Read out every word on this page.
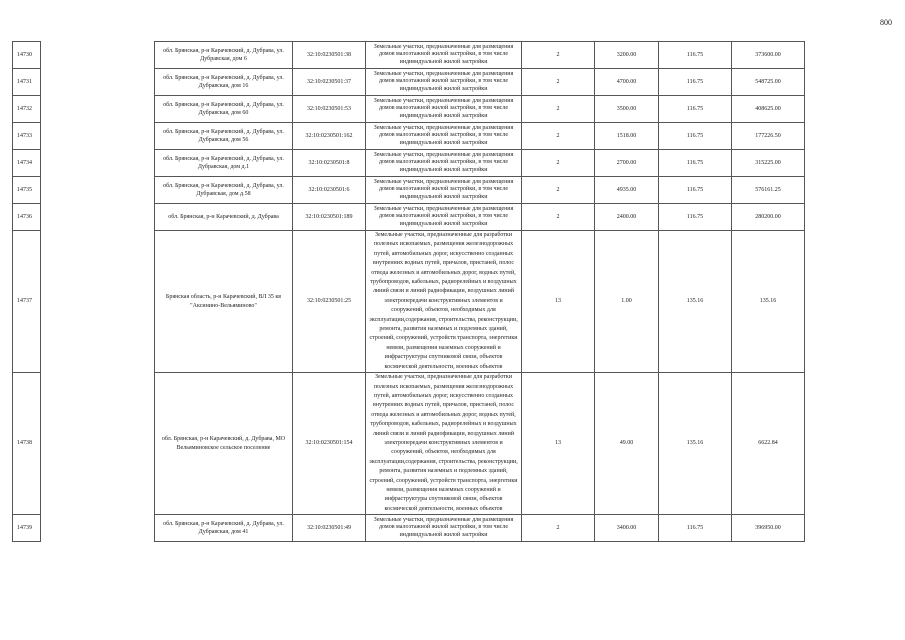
800
14730		обл. Брянская, р-н Карачевский, д. Дубрава, ул. Дубравская, дом 6	32:10:0230501:38	Земельные участки, предназначенные для размещения домов малоэтажной жилой застройки, в том числе индивидуальной жилой застройки	2	3200.00	116.75	373600.00
14731		обл. Брянская, р-н Карачевский, д. Дубрава, ул. Дубравская, дом 16	32:10:0230501:37	Земельные участки, предназначенные для размещения домов малоэтажной жилой застройки, в том числе индивидуальной жилой застройки	2	4700.00	116.75	548725.00
14732		обл. Брянская, р-н Карачевский, д. Дубрава, ул. Дубравская, дом 60	32:10:0230501:53	Земельные участки, предназначенные для размещения домов малоэтажной жилой застройки, в том числе индивидуальной жилой застройки	2	3500.00	116.75	408625.00
14733		обл. Брянская, р-н Карачевский, д. Дубрава, ул. Дубравская, дом 56	32:10:0230501:162	Земельные участки, предназначенные для размещения домов малоэтажной жилой застройки, в том числе индивидуальной жилой застройки	2	1518.00	116.75	177226.50
14734		обл. Брянская, р-н Карачевский, д. Дубрава, ул. Дубравская, дом д.1	32:10:0230501:8	Земельные участки, предназначенные для размещения домов малоэтажной жилой застройки, в том числе индивидуальной жилой застройки	2	2700.00	116.75	315225.00
14735		обл. Брянская, р-н Карачевский, д. Дубрава, ул. Дубравская, дом д.58	32:10:0230501:6	Земельные участки, предназначенные для размещения домов малоэтажной жилой застройки, в том числе индивидуальной жилой застройки	2	4935.00	116.75	576161.25
14736		обл. Брянская, р-н Карачевский, д. Дубрава	32:10:0230501:189	Земельные участки, предназначенные для размещения домов малоэтажной жилой застройки, в том числе индивидуальной жилой застройки	2	2400.00	116.75	280200.00
14737		Брянская область, р-н Карачевский, ВЛ 35 кв "Аксинино-Вельяминово"	32:10:0230501:25	Земельные участки, предназначенные для разработки полезных ископаемых, размещения железнодорожных путей, автомобильных дорог, искусственно созданных внутренних водных путей, причалов, пристаней, полос отвода железных и автомобильных дорог, водных путей, трубопроводов, кабельных, радиорелейных и воздушных линий связи и линий радиофикации, воздушных линий электропередачи конструктивных элементов и сооружений, объектов, необходимых для эксплуатации,содержания, строительства, реконструкции, ремонта, развития наземных и подземных зданий, строений, сооружений, устройств транспорта, энергетики невязи, размещения наземных сооружений и инфраструктуры спутниковой связи, объектов космической деятельности, военных объектов	13	1.00	135.16	135.16
14738		обл. Брянская, р-н Карачевский, д. Дубрава, МО Вельяминовское сельское поселение	32:10:0230501:154	Земельные участки, предназначенные для разработки полезных ископаемых, размещения железнодорожных путей, автомобильных дорог, искусственно созданных внутренних водных путей, причалов, пристаней, полос отвода железных и автомобильных дорог, водных путей, трубопроводов, кабельных, радиорелейных и воздушных линий связи и линий радиофикации, воздушных линий электропередачи конструктивных элементов и сооружений, объектов, необходимых для эксплуатации,содержания, строительства, реконструкции, ремонта, развития наземных и подземных зданий, строений, сооружений, устройств транспорта, энергетики невязи, размещения наземных сооружений и инфраструктуры спутниковой связи, объектов космической деятельности, военных объектов	13	49.00	135.16	6622.84
14739		обл. Брянская, р-н Карачевский, д. Дубрава, ул. Дубравская, дом 41	32:10:0230501:49	Земельные участки, предназначенные для размещения домов малоэтажной жилой застройки, в том числе индивидуальной жилой застройки	2	3400.00	116.75	396950.00
